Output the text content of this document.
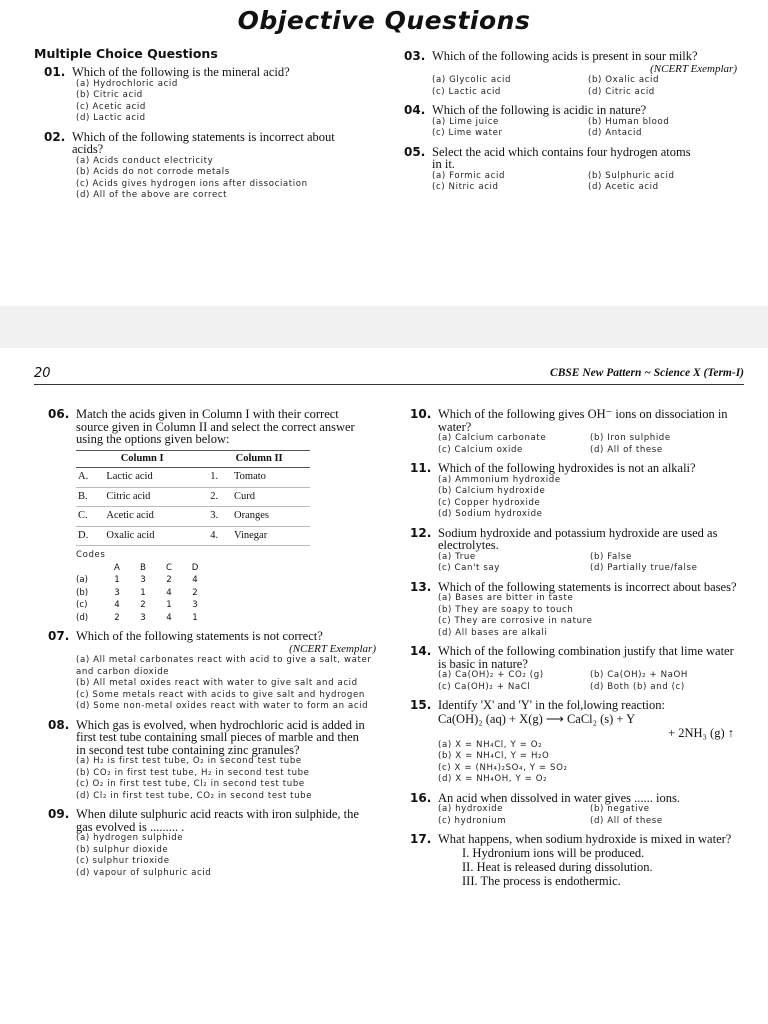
Objective Questions
Multiple Choice Questions
01. Which of the following is the mineral acid?
(a) Hydrochloric acid
(b) Citric acid
(c) Acetic acid
(d) Lactic acid
02. Which of the following statements is incorrect about acids?
(a) Acids conduct electricity
(b) Acids do not corrode metals
(c) Acids gives hydrogen ions after dissociation
(d) All of the above are correct
03. Which of the following acids is present in sour milk?
(NCERT Exemplar)
(a) Glycolic acid	(b) Oxalic acid
(c) Lactic acid	(d) Citric acid
04. Which of the following is acidic in nature?
(a) Lime juice	(b) Human blood
(c) Lime water	(d) Antacid
05. Select the acid which contains four hydrogen atoms in it.
(a) Formic acid	(b) Sulphuric acid
(c) Nitric acid	(d) Acetic acid
20	CBSE New Pattern ~ Science X (Term-I)
06. Match the acids given in Column I with their correct source given in Column II and select the correct answer using the options given below:
Column I		Column II	
A.	Lactic acid	1.	Tomato
B.	Citric acid	2.	Curd
C.	Acetic acid	3.	Oranges
D.	Oxalic acid	4.	Vinegar
Codes
	A	B	C	D
(a)	1	3	2	4
(b)	3	1	4	2
(c)	4	2	1	3
(d)	2	3	4	1
07. Which of the following statements is not correct?
(NCERT Exemplar)
(a) All metal carbonates react with acid to give a salt, water and carbon dioxide
(b) All metal oxides react with water to give salt and acid
(c) Some metals react with acids to give salt and hydrogen
(d) Some non-metal oxides react with water to form an acid
08. Which gas is evolved, when hydrochloric acid is added in first test tube containing small pieces of marble and then in second test tube containing zinc granules?
(a) H₂ is first test tube, O₂ in second test tube
(b) CO₂ in first test tube, H₂ in second test tube
(c) O₂ in first test tube, Cl₂ in second test tube
(d) Cl₂ in first test tube, CO₂ in second test tube
09. When dilute sulphuric acid reacts with iron sulphide, the gas evolved is ......... .
(a) hydrogen sulphide
(b) sulphur dioxide
(c) sulphur trioxide
(d) vapour of sulphuric acid
10. Which of the following gives OH⁻ ions on dissociation in water?
(a) Calcium carbonate	(b) Iron sulphide
(c) Calcium oxide	(d) All of these
11. Which of the following hydroxides is not an alkali?
(a) Ammonium hydroxide
(b) Calcium hydroxide
(c) Copper hydroxide
(d) Sodium hydroxide
12. Sodium hydroxide and potassium hydroxide are used as electrolytes.
(a) True	(b) False
(c) Can't say	(d) Partially true/false
13. Which of the following statements is incorrect about bases?
(a) Bases are bitter in taste
(b) They are soapy to touch
(c) They are corrosive in nature
(d) All bases are alkali
14. Which of the following combination justify that lime water is basic in nature?
(a) Ca(OH)₂ + CO₂ (g)	(b) Ca(OH)₂ + NaOH
(c) Ca(OH)₂ + NaCl	(d) Both (b) and (c)
15. Identify 'X' and 'Y' in the fol,lowing reaction:
Ca(OH)₂ (aq) + X(g) ⟶ CaCl₂ (s) + Y
+ 2NH₃ (g) ↑
(a) X = NH₄Cl, Y = O₂
(b) X = NH₄Cl, Y = H₂O
(c) X = (NH₄)₂SO₄, Y = SO₂
(d) X = NH₄OH, Y = O₂
16. An acid when dissolved in water gives ...... ions.
(a) hydroxide	(b) negative
(c) hydronium	(d) All of these
17. What happens, when sodium hydroxide is mixed in water?
I. Hydronium ions will be produced.
II. Heat is released during dissolution.
III. The process is endothermic.
